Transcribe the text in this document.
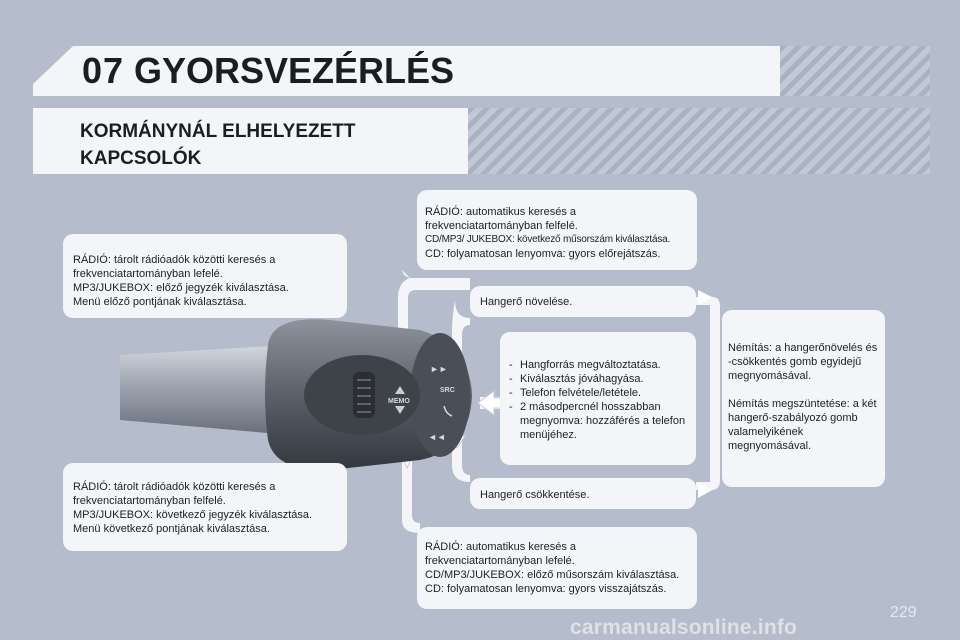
07 GYORSVEZÉRLÉS
KORMÁNYNÁL ELHELYEZETT
KAPCSOLÓK
MEMO
►►
SRC
◄◄
RÁDIÓ: tárolt rádióadók közötti keresés a
frekvenciatartományban lefelé.
MP3/JUKEBOX: előző jegyzék kiválasztása.
Menü előző pontjának kiválasztása.
RÁDIÓ: tárolt rádióadók közötti keresés a
frekvenciatartományban felfelé.
MP3/JUKEBOX: következő jegyzék kiválasztása.
Menü következő pontjának kiválasztása.
RÁDIÓ: automatikus keresés a
frekvenciatartományban felfelé.
CD/MP3/ JUKEBOX: következő műsorszám kiválasztása.
CD: folyamatosan lenyomva: gyors előrejátszás.
RÁDIÓ: automatikus keresés a
frekvenciatartományban lefelé.
CD/MP3/JUKEBOX: előző műsorszám kiválasztása.
CD: folyamatosan lenyomva: gyors visszajátszás.
Hangerő növelése.
Hangerő csökkentése.
- Hangforrás megváltoztatása.
- Kiválasztás jóváhagyása.
- Telefon felvétele/letétele.
- 2 másodpercnél hosszabban megnyomva: hozzáférés a telefon menüjéhez.
Némítás: a hangerőnövelés és -csökkentés gomb egyidejű megnyomásával.
Némítás megszüntetése: a két hangerő-szabályozó gomb valamelyikének megnyomásával.
229
carmanualsonline.info
